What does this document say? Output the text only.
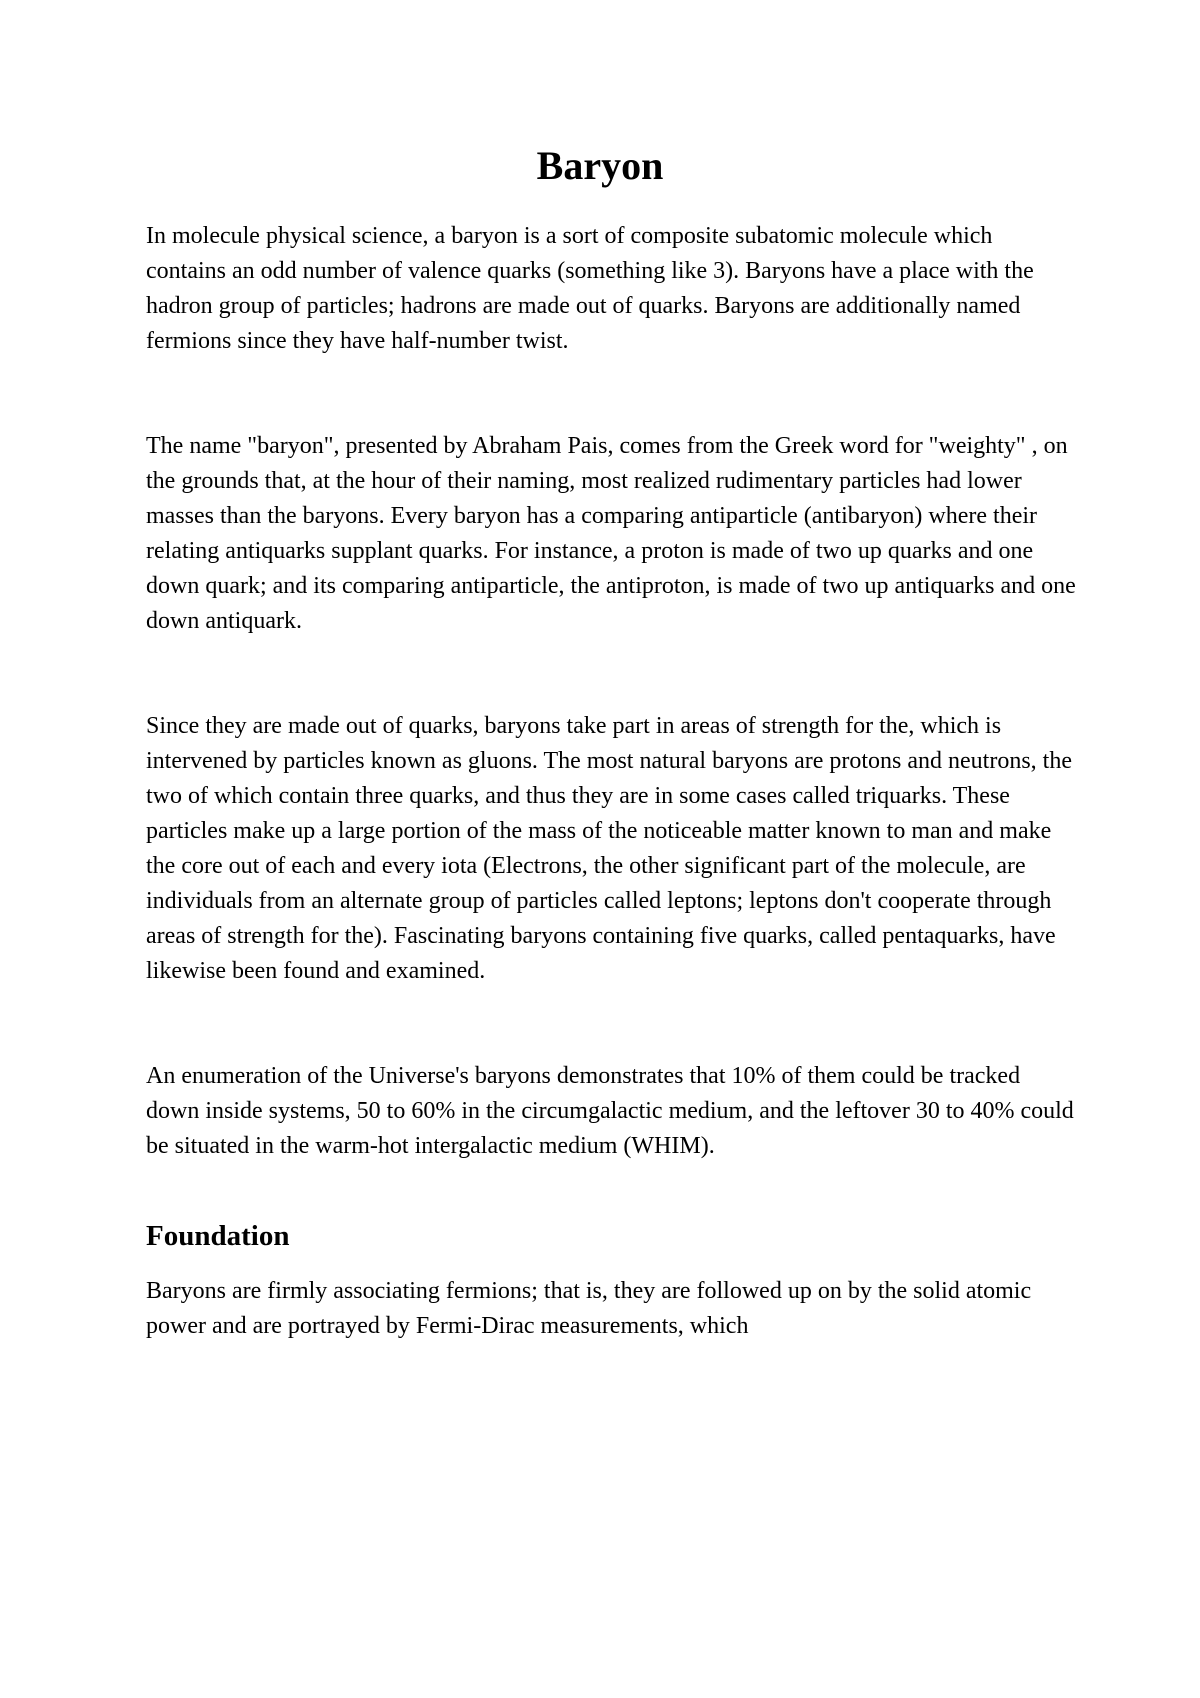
Baryon

In molecule physical science, a baryon is a sort of composite subatomic molecule which contains an odd number of valence quarks (something like 3). Baryons have a place with the hadron group of particles; hadrons are made out of quarks. Baryons are additionally named fermions since they have half-number twist.

The name "baryon", presented by Abraham Pais, comes from the Greek word for "weighty" , on the grounds that, at the hour of their naming, most realized rudimentary particles had lower masses than the baryons. Every baryon has a comparing antiparticle (antibaryon) where their relating antiquarks supplant quarks. For instance, a proton is made of two up quarks and one down quark; and its comparing antiparticle, the antiproton, is made of two up antiquarks and one down antiquark.

Since they are made out of quarks, baryons take part in areas of strength for the, which is intervened by particles known as gluons. The most natural baryons are protons and neutrons, the two of which contain three quarks, and thus they are in some cases called triquarks. These particles make up a large portion of the mass of the noticeable matter known to man and make the core out of each and every iota (Electrons, the other significant part of the molecule, are individuals from an alternate group of particles called leptons; leptons don't cooperate through areas of strength for the). Fascinating baryons containing five quarks, called pentaquarks, have likewise been found and examined.

An enumeration of the Universe's baryons demonstrates that 10% of them could be tracked down inside systems, 50 to 60% in the circumgalactic medium, and the leftover 30 to 40% could be situated in the warm-hot intergalactic medium (WHIM).

Foundation

Baryons are firmly associating fermions; that is, they are followed up on by the solid atomic power and are portrayed by Fermi-Dirac measurements, which
